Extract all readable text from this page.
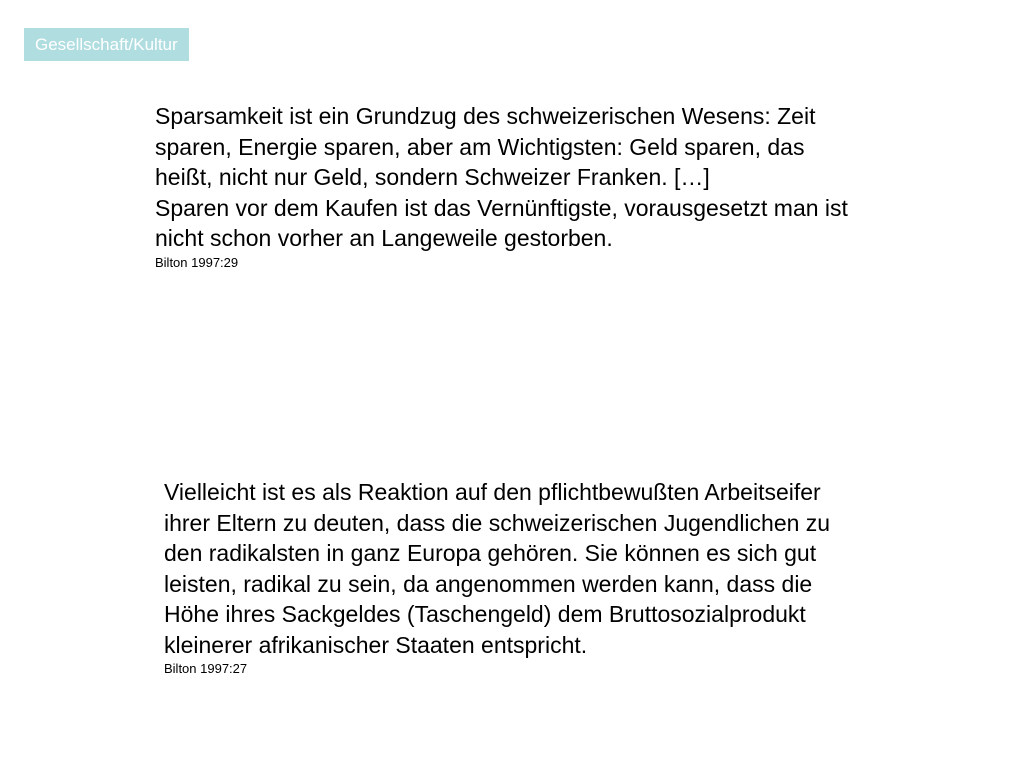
Gesellschaft/Kultur

Sparsamkeit ist ein Grundzug des schweizerischen Wesens: Zeit

sparen, Energie sparen, aber am Wichtigsten: Geld sparen, das

heißt, nicht nur Geld, sondern Schweizer Franken. […]

Sparen vor dem Kaufen ist das Vernünftigste, vorausgesetzt man ist

nicht schon vorher an Langeweile gestorben.

Bilton 1997:29

Vielleicht ist es als Reaktion auf den pflichtbewußten Arbeitseifer

ihrer Eltern zu deuten, dass die schweizerischen Jugendlichen zu

den radikalsten in ganz Europa gehören. Sie können es sich gut

leisten, radikal zu sein, da angenommen werden kann, dass die

Höhe ihres Sackgeldes (Taschengeld) dem Bruttosozialprodukt

kleinerer afrikanischer Staaten entspricht.

Bilton 1997:27
